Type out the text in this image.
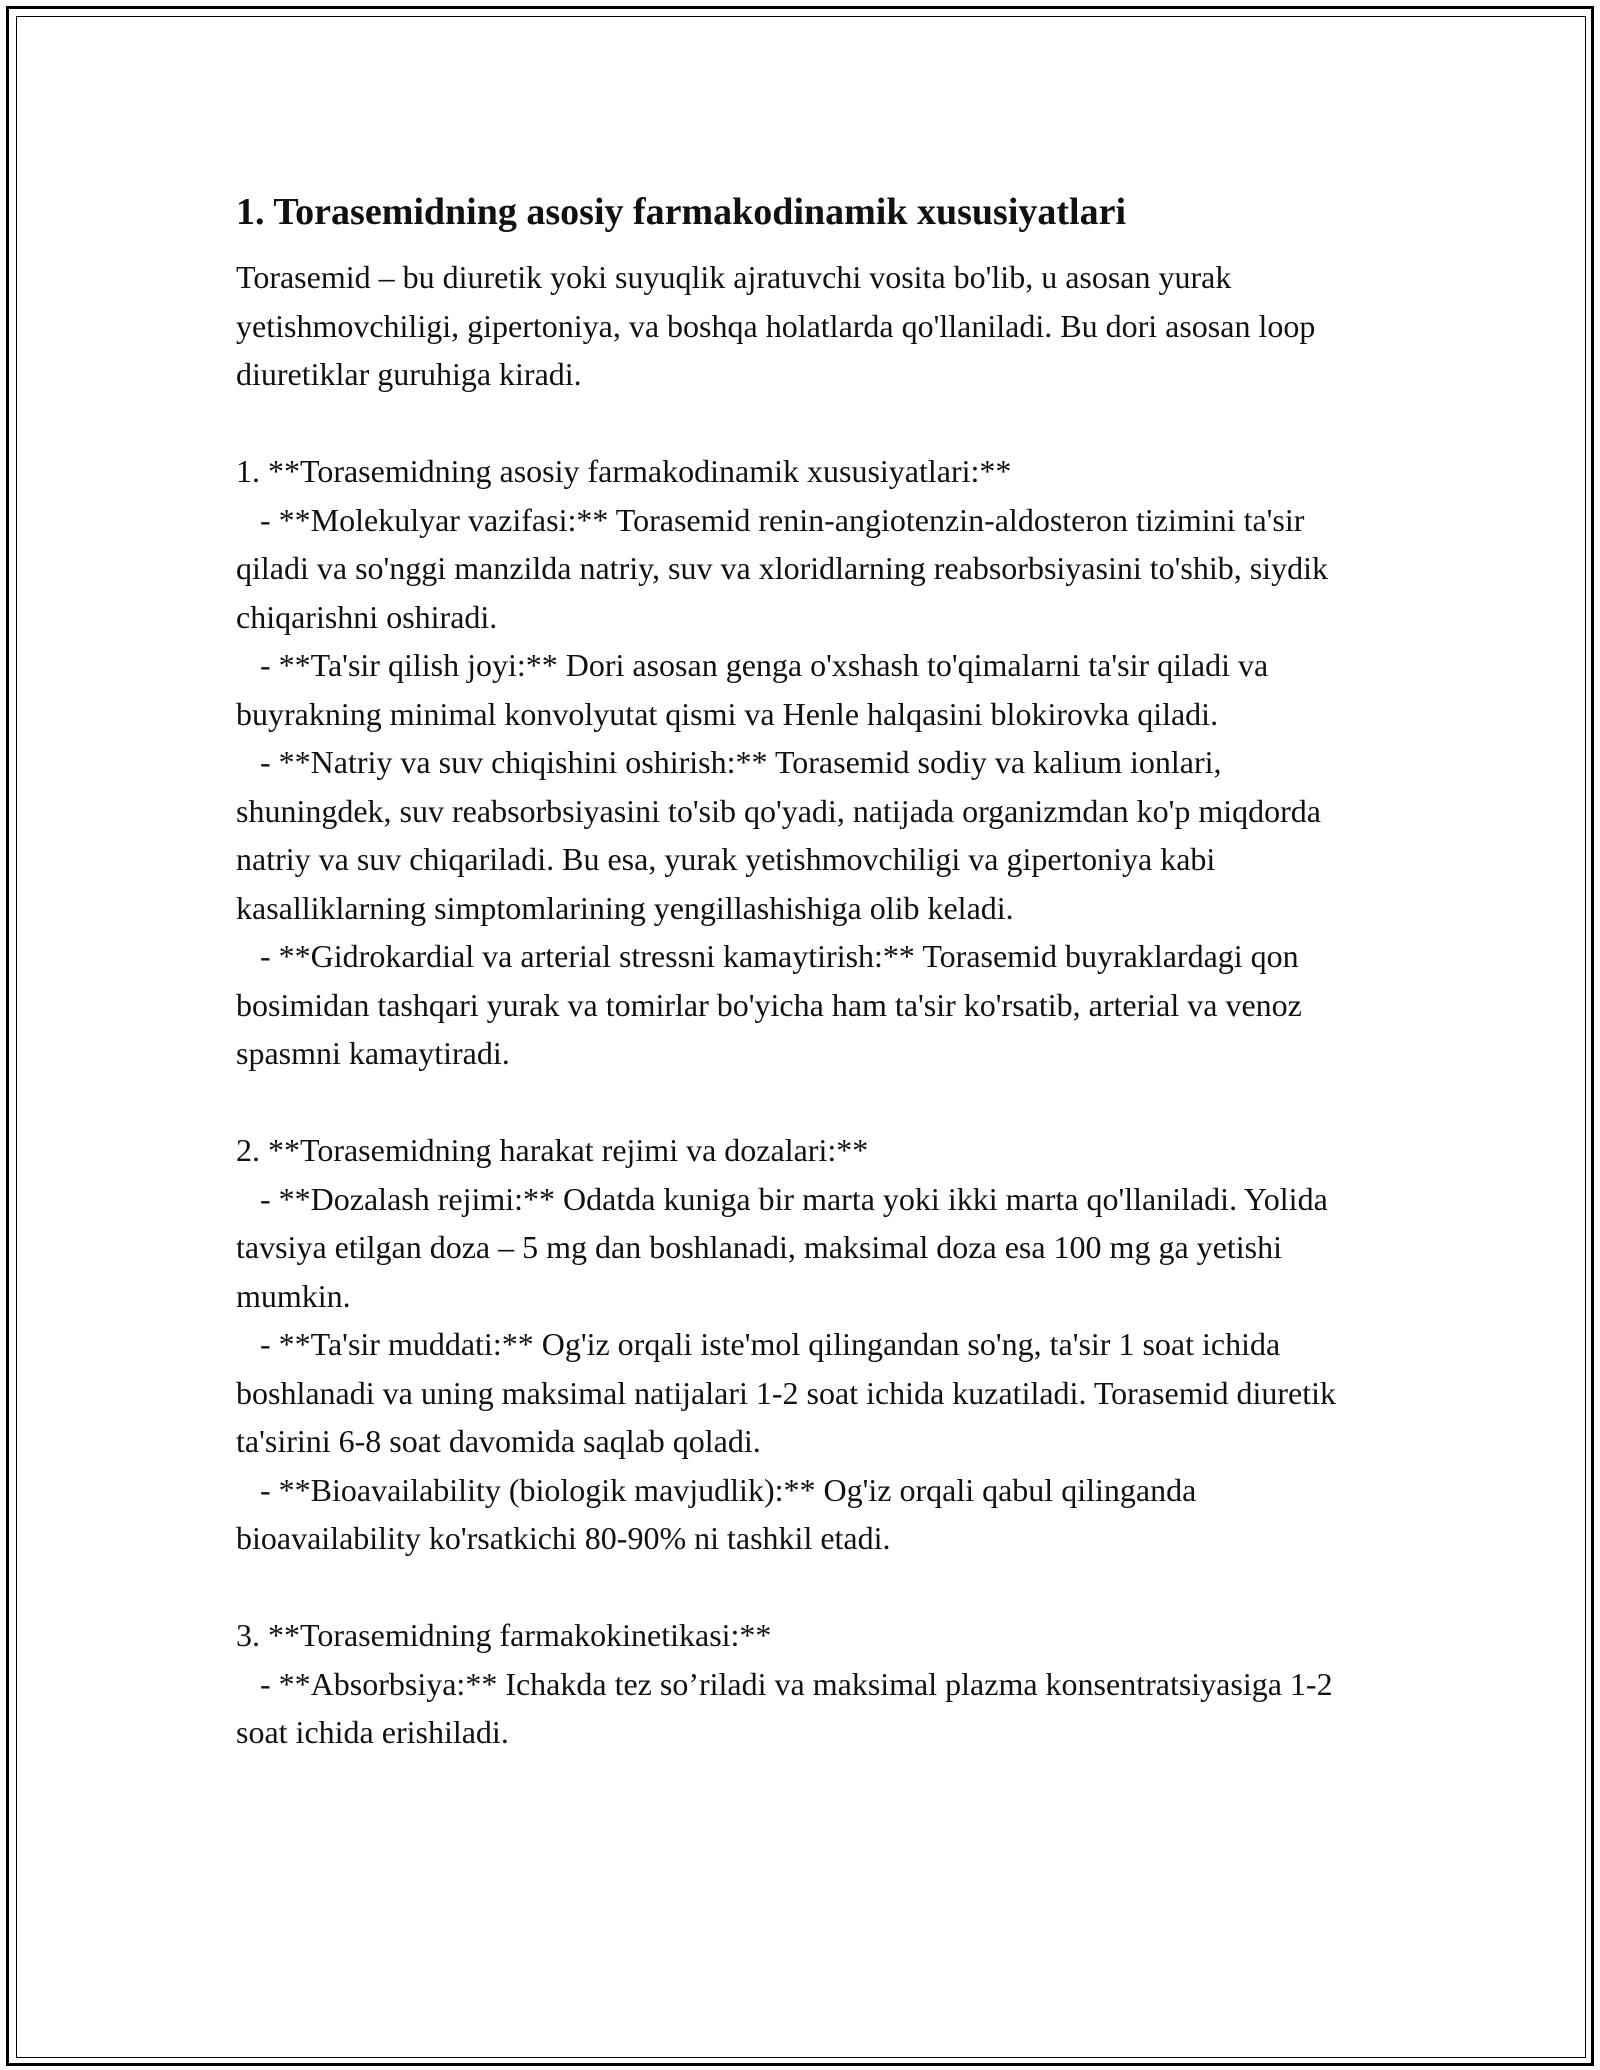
1. Torasemidning asosiy farmakodinamik xususiyatlari

Torasemid – bu diuretik yoki suyuqlik ajratuvchi vosita bo'lib, u asosan yurak yetishmovchiligi, gipertoniya, va boshqa holatlarda qo'llaniladi. Bu dori asosan loop diuretiklar guruhiga kiradi.

1. **Torasemidning asosiy farmakodinamik xususiyatlari:**

- **Molekulyar vazifasi:** Torasemid renin-angiotenzin-aldosteron tizimini ta'sir qiladi va so'nggi manzilda natriy, suv va xloridlarning reabsorbsiyasini to'shib, siydik chiqarishni oshiradi.

- **Ta'sir qilish joyi:** Dori asosan genga o'xshash to'qimalarni ta'sir qiladi va buyrakning minimal konvolyutat qismi va Henle halqasini blokirovka qiladi.

- **Natriy va suv chiqishini oshirish:** Torasemid sodiy va kalium ionlari, shuningdek, suv reabsorbsiyasini to'sib qo'yadi, natijada organizmdan ko'p miqdorda natriy va suv chiqariladi. Bu esa, yurak yetishmovchiligi va gipertoniya kabi kasalliklarning simptomlarining yengillashishiga olib keladi.

- **Gidrokardial va arterial stressni kamaytirish:** Torasemid buyraklardagi qon bosimidan tashqari yurak va tomirlar bo'yicha ham ta'sir ko'rsatib, arterial va venoz spasmni kamaytiradi.

2. **Torasemidning harakat rejimi va dozalari:**

- **Dozalash rejimi:** Odatda kuniga bir marta yoki ikki marta qo'llaniladi. Yolida tavsiya etilgan doza – 5 mg dan boshlanadi, maksimal doza esa 100 mg ga yetishi mumkin.

- **Ta'sir muddati:** Og'iz orqali iste'mol qilingandan so'ng, ta'sir 1 soat ichida boshlanadi va uning maksimal natijalari 1-2 soat ichida kuzatiladi. Torasemid diuretik ta'sirini 6-8 soat davomida saqlab qoladi.

- **Bioavailability (biologik mavjudlik):** Og'iz orqali qabul qilinganda bioavailability ko'rsatkichi 80-90% ni tashkil etadi.

3. **Torasemidning farmakokinetikasi:**

- **Absorbsiya:** Ichakda tez so’riladi va maksimal plazma konsentratsiyasiga 1-2 soat ichida erishiladi.
